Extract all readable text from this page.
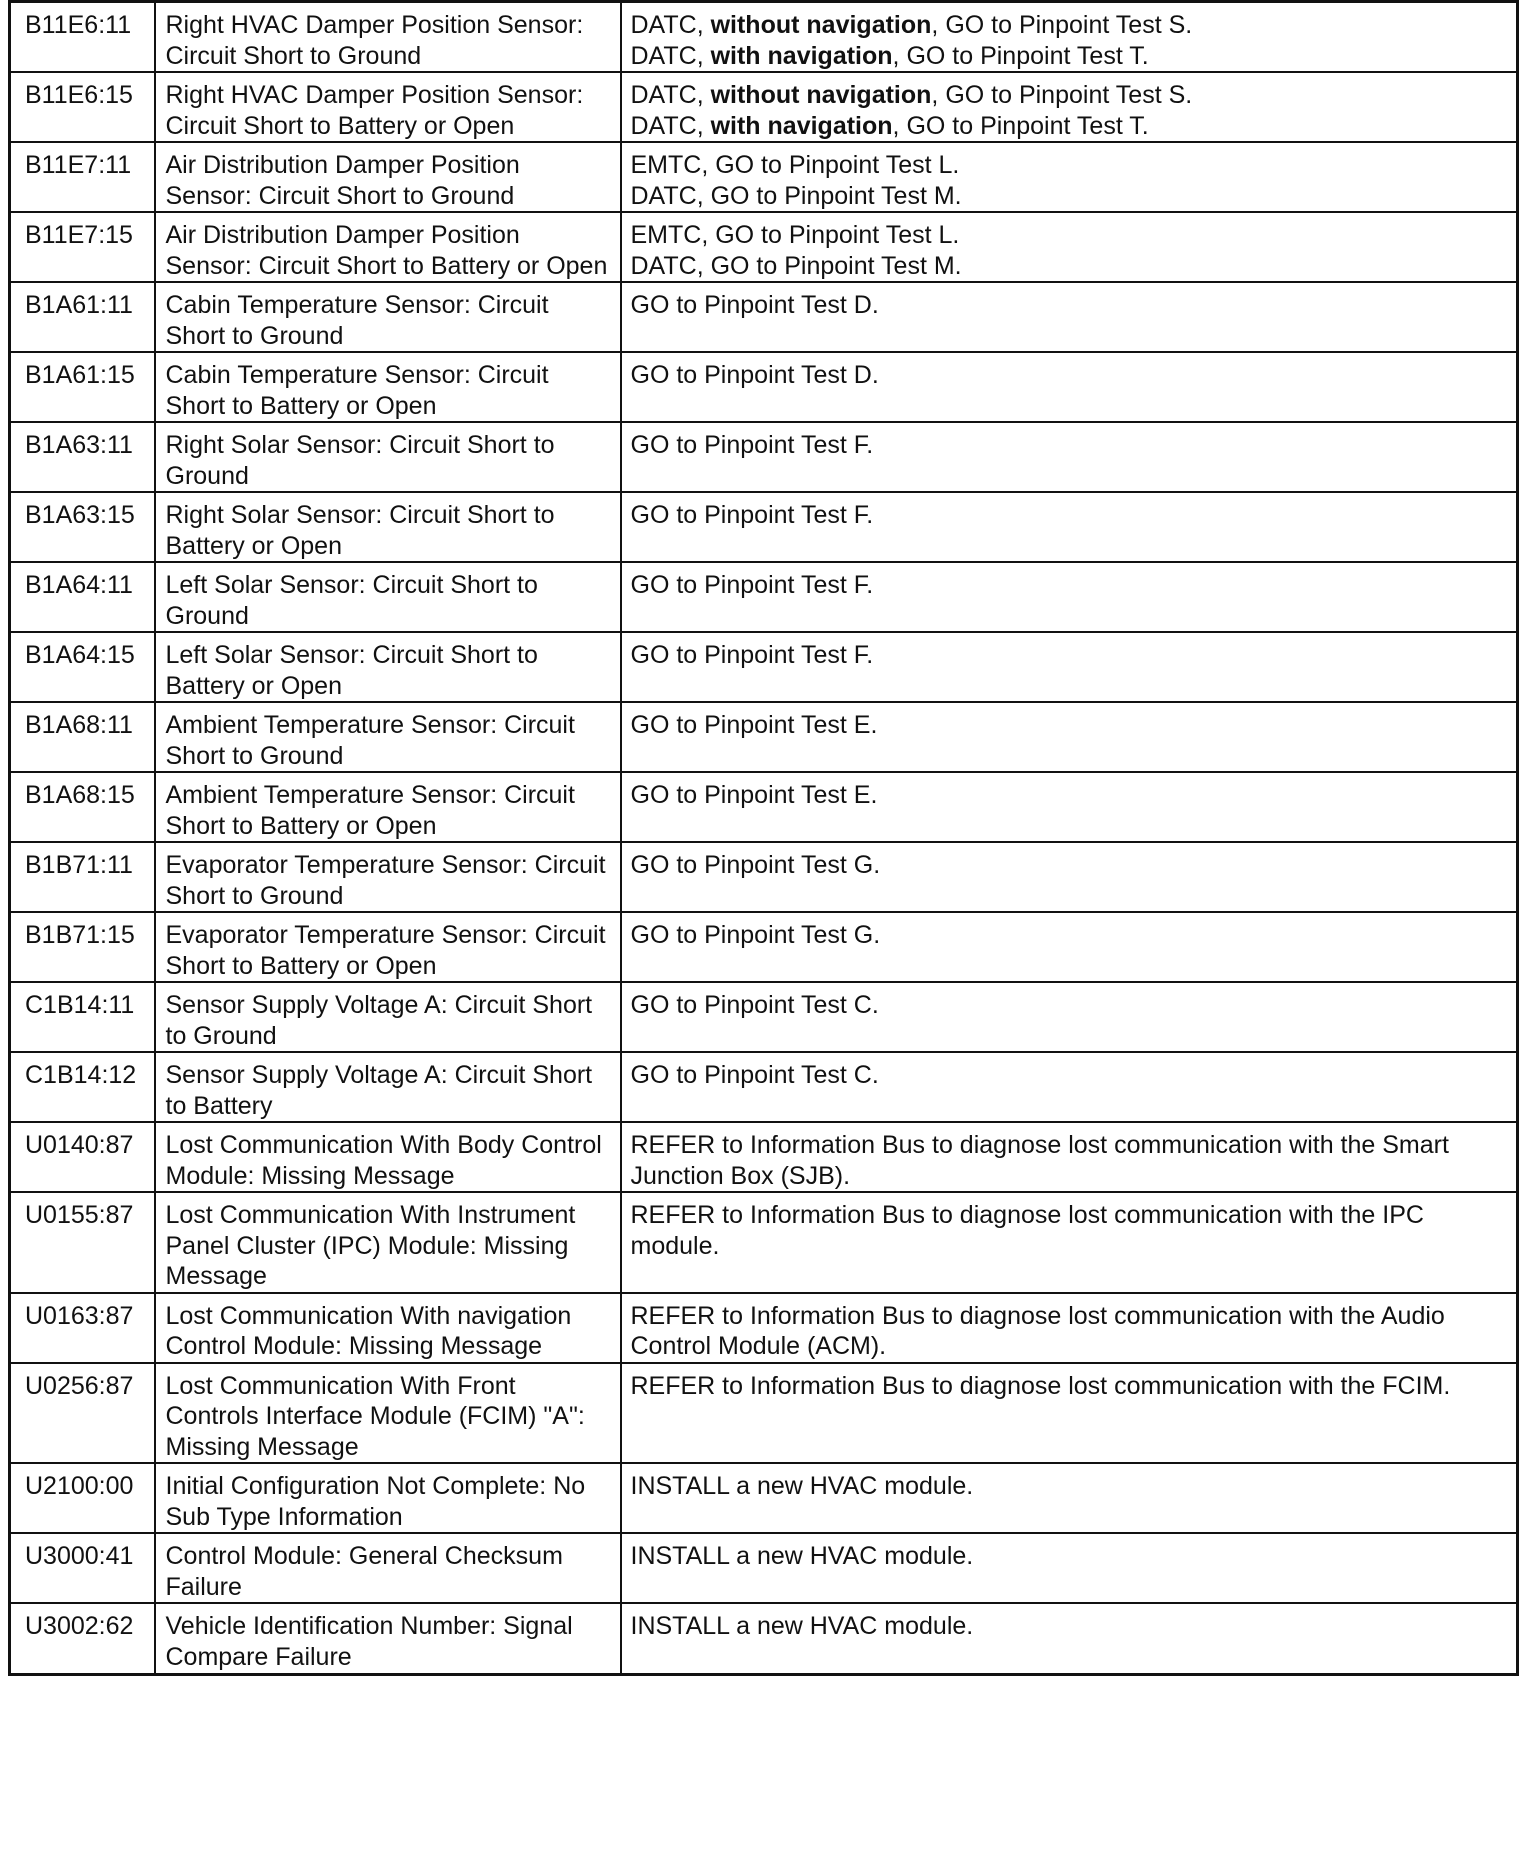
B11E6:11	Right HVAC Damper Position Sensor: Circuit Short to Ground	DATC, without navigation, GO to Pinpoint Test S.
DATC, with navigation, GO to Pinpoint Test T.

B11E6:15	Right HVAC Damper Position Sensor: Circuit Short to Battery or Open	DATC, without navigation, GO to Pinpoint Test S.
DATC, with navigation, GO to Pinpoint Test T.

B11E7:11	Air Distribution Damper Position Sensor: Circuit Short to Ground	EMTC, GO to Pinpoint Test L.
DATC, GO to Pinpoint Test M.

B11E7:15	Air Distribution Damper Position Sensor: Circuit Short to Battery or Open	EMTC, GO to Pinpoint Test L.
DATC, GO to Pinpoint Test M.

B1A61:11	Cabin Temperature Sensor: Circuit Short to Ground	GO to Pinpoint Test D.

B1A61:15	Cabin Temperature Sensor: Circuit Short to Battery or Open	GO to Pinpoint Test D.

B1A63:11	Right Solar Sensor: Circuit Short to Ground	GO to Pinpoint Test F.

B1A63:15	Right Solar Sensor: Circuit Short to Battery or Open	GO to Pinpoint Test F.

B1A64:11	Left Solar Sensor: Circuit Short to Ground	GO to Pinpoint Test F.

B1A64:15	Left Solar Sensor: Circuit Short to Battery or Open	GO to Pinpoint Test F.

B1A68:11	Ambient Temperature Sensor: Circuit Short to Ground	GO to Pinpoint Test E.

B1A68:15	Ambient Temperature Sensor: Circuit Short to Battery or Open	GO to Pinpoint Test E.

B1B71:11	Evaporator Temperature Sensor: Circuit Short to Ground	GO to Pinpoint Test G.

B1B71:15	Evaporator Temperature Sensor: Circuit Short to Battery or Open	GO to Pinpoint Test G.

C1B14:11	Sensor Supply Voltage A: Circuit Short to Ground	GO to Pinpoint Test C.

C1B14:12	Sensor Supply Voltage A: Circuit Short to Battery	GO to Pinpoint Test C.

U0140:87	Lost Communication With Body Control Module: Missing Message	REFER to Information Bus to diagnose lost communication with the Smart Junction Box (SJB).

U0155:87	Lost Communication With Instrument Panel Cluster (IPC) Module: Missing Message	REFER to Information Bus to diagnose lost communication with the IPC module.

U0163:87	Lost Communication With navigation Control Module: Missing Message	REFER to Information Bus to diagnose lost communication with the Audio Control Module (ACM).

U0256:87	Lost Communication With Front Controls Interface Module (FCIM) "A": Missing Message	REFER to Information Bus to diagnose lost communication with the FCIM.

U2100:00	Initial Configuration Not Complete: No Sub Type Information	INSTALL a new HVAC module.

U3000:41	Control Module: General Checksum Failure	INSTALL a new HVAC module.

U3002:62	Vehicle Identification Number: Signal Compare Failure	INSTALL a new HVAC module.
